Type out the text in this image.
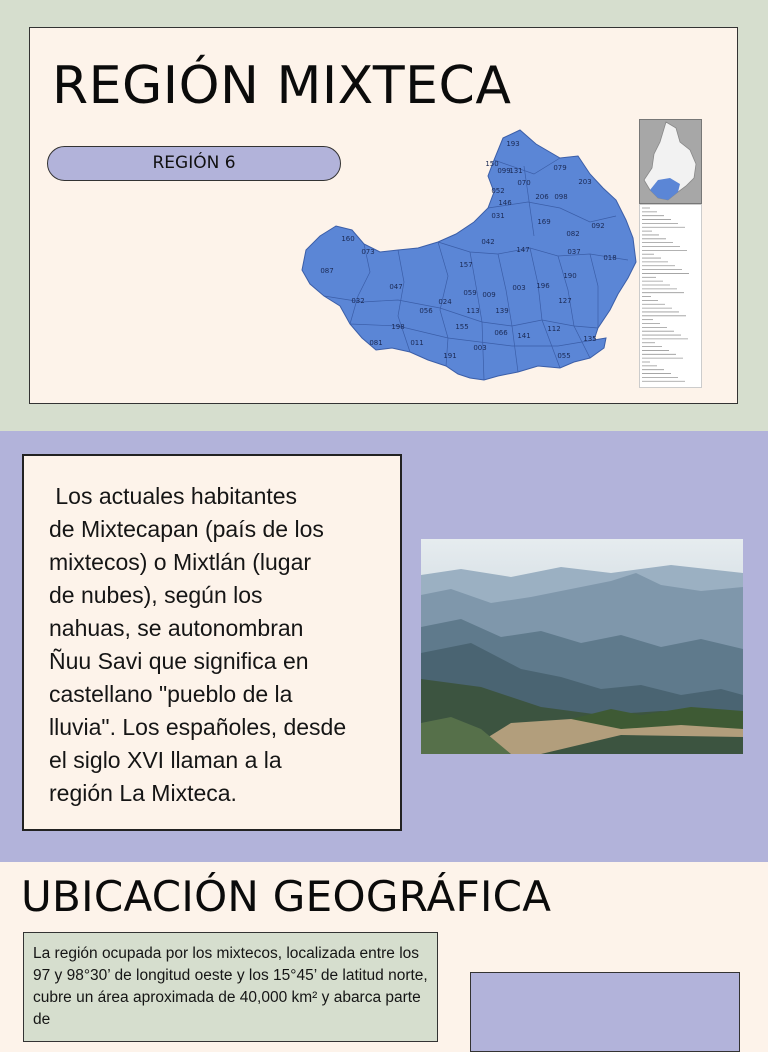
REGIÓN MIXTECA
REGIÓN 6
193
150	079
203
131
099
070
052
206 098
146
031
169	092
082
160	042
147	037
018
073
157
087
190
047	196
059
003
032
009
024	127
056	113 139
198	155	112
066 141
081	011	135
003
191	055

Los actuales habitantes
de Mixtecapan (país de los
mixtecos) o Mixtlán (lugar
de nubes), según los
nahuas, se autonombran
Ñuu Savi que significa en
castellano "pueblo de la
lluvia". Los españoles, desde
el siglo XVI llaman a la
región La Mixteca.

UBICACIÓN GEOGRÁFICA

La región ocupada por los mixtecos, localizada entre los 97 y 98°30’ de longitud oeste y los 15°45’ de latitud norte, cubre un área aproximada de 40,000 km² y abarca parte de
